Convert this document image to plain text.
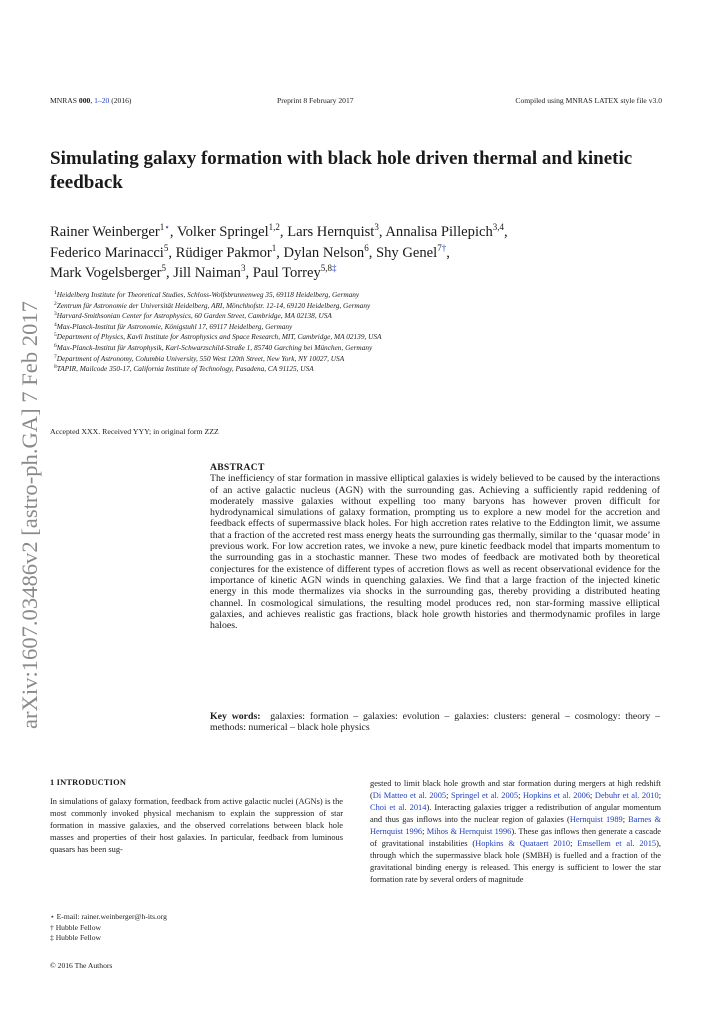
MNRAS 000, 1–20 (2016)	Preprint 8 February 2017	Compiled using MNRAS LATEX style file v3.0
arXiv:1607.03486v2 [astro-ph.GA] 7 Feb 2017
Simulating galaxy formation with black hole driven thermal and kinetic feedback
Rainer Weinberger$^{1⋆}$, Volker Springel$^{1,2}$, Lars Hernquist$^3$, Annalisa Pillepich$^{3,4}$,
Federico Marinacci$^5$, Rüdiger Pakmor$^1$, Dylan Nelson$^6$, Shy Genel$^{7\dagger}$,
Mark Vogelsberger$^5$, Jill Naiman$^3$, Paul Torrey$^{5,8\ddagger}$
$^1$Heidelberg Institute for Theoretical Studies, Schloss-Wolfsbrunnenweg 35, 69118 Heidelberg, Germany
$^2$Zentrum für Astronomie der Universität Heidelberg, ARI, Mönchhofstr. 12-14, 69120 Heidelberg, Germany
$^3$Harvard-Smithsonian Center for Astrophysics, 60 Garden Street, Cambridge, MA 02138, USA
$^4$Max-Planck-Institut für Astronomie, Königstuhl 17, 69117 Heidelberg, Germany
$^5$Department of Physics, Kavli Institute for Astrophysics and Space Research, MIT, Cambridge, MA 02139, USA
$^6$Max-Planck-Institut für Astrophysik, Karl-Schwarzschild-Straße 1, 85740 Garching bei München, Germany
$^7$Department of Astronomy, Columbia University, 550 West 120th Street, New York, NY 10027, USA
$^8$TAPIR, Mailcode 350-17, California Institute of Technology, Pasadena, CA 91125, USA
Accepted XXX. Received YYY; in original form ZZZ
ABSTRACT
The inefficiency of star formation in massive elliptical galaxies is widely believed to be caused by the interactions of an active galactic nucleus (AGN) with the surrounding gas. Achieving a sufficiently rapid reddening of moderately massive galaxies without expelling too many baryons has however proven difficult for hydrodynamical simulations of galaxy formation, prompting us to explore a new model for the accretion and feedback effects of supermassive black holes. For high accretion rates relative to the Eddington limit, we assume that a fraction of the accreted rest mass energy heats the surrounding gas thermally, similar to the ‘quasar mode’ in previous work. For low accretion rates, we invoke a new, pure kinetic feedback model that imparts momentum to the surrounding gas in a stochastic manner. These two modes of feedback are motivated both by theoretical conjectures for the existence of different types of accretion flows as well as recent observational evidence for the importance of kinetic AGN winds in quenching galaxies. We find that a large fraction of the injected kinetic energy in this mode thermalizes via shocks in the surrounding gas, thereby providing a distributed heating channel. In cosmological simulations, the resulting model produces red, non star-forming massive elliptical galaxies, and achieves realistic gas fractions, black hole growth histories and thermodynamic profiles in large haloes.
Key words: galaxies: formation – galaxies: evolution – galaxies: clusters: general – cosmology: theory – methods: numerical – black hole physics
1 INTRODUCTION
In simulations of galaxy formation, feedback from active galactic nuclei (AGNs) is the most commonly invoked physical mechanism to explain the suppression of star formation in massive galaxies, and the observed correlations between black hole masses and properties of their host galaxies. In particular, feedback from luminous quasars has been sug-
gested to limit black hole growth and star formation during mergers at high redshift (Di Matteo et al. 2005; Springel et al. 2005; Hopkins et al. 2006; Debuhr et al. 2010; Choi et al. 2014). Interacting galaxies trigger a redistribution of angular momentum and thus gas inflows into the nuclear region of galaxies (Hernquist 1989; Barnes & Hernquist 1996; Mihos & Hernquist 1996). These gas inflows then generate a cascade of gravitational instabilities (Hopkins & Quataert 2010; Emsellem et al. 2015), through which the supermassive black hole (SMBH) is fuelled and a fraction of the gravitational binding energy is released. This energy is sufficient to lower the star formation rate by several orders of magnitude
⋆ E-mail: rainer.weinberger@h-its.org
† Hubble Fellow
‡ Hubble Fellow
© 2016 The Authors
